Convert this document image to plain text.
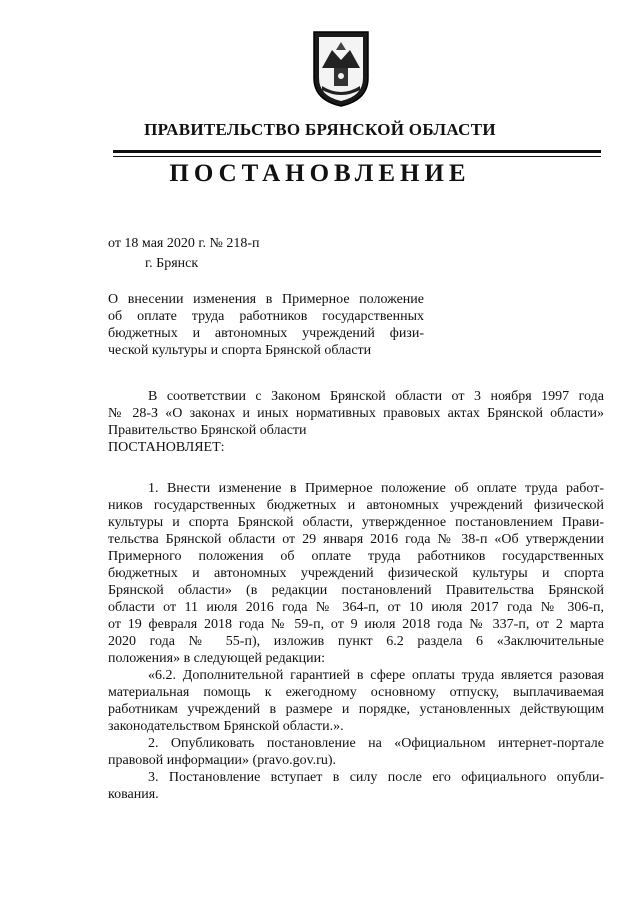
ПРАВИТЕЛЬСТВО БРЯНСКОЙ ОБЛАСТИ
ПОСТАНОВЛЕНИЕ
от 18 мая 2020 г. № 218-п
г. Брянск
О внесении изменения в Примерное положение
об оплате труда работников государственных
бюджетных и автономных учреждений физи-
ческой культуры и спорта Брянской области
В соответствии с Законом Брянской области от 3 ноября 1997 года
№ 28-З «О законах и иных нормативных правовых актах Брянской области»
Правительство Брянской области
ПОСТАНОВЛЯЕТ:
1. Внести изменение в Примерное положение об оплате труда работ-
ников государственных бюджетных и автономных учреждений физической
культуры и спорта Брянской области, утвержденное постановлением Прави-
тельства Брянской области от 29 января 2016 года № 38-п «Об утверждении
Примерного положения об оплате труда работников государственных
бюджетных и автономных учреждений физической культуры и спорта
Брянской области» (в редакции постановлений Правительства Брянской
области от 11 июля 2016 года № 364-п, от 10 июля 2017 года № 306-п,
от 19 февраля 2018 года № 59-п, от 9 июля 2018 года № 337-п, от 2 марта
2020 года № 55-п), изложив пункт 6.2 раздела 6 «Заключительные
положения» в следующей редакции:
«6.2. Дополнительной гарантией в сфере оплаты труда является разовая
материальная помощь к ежегодному основному отпуску, выплачиваемая
работникам учреждений в размере и порядке, установленных действующим
законодательством Брянской области.».
2. Опубликовать постановление на «Официальном интернет-портале
правовой информации» (pravo.gov.ru).
3. Постановление вступает в силу после его официального опубли-
кования.
